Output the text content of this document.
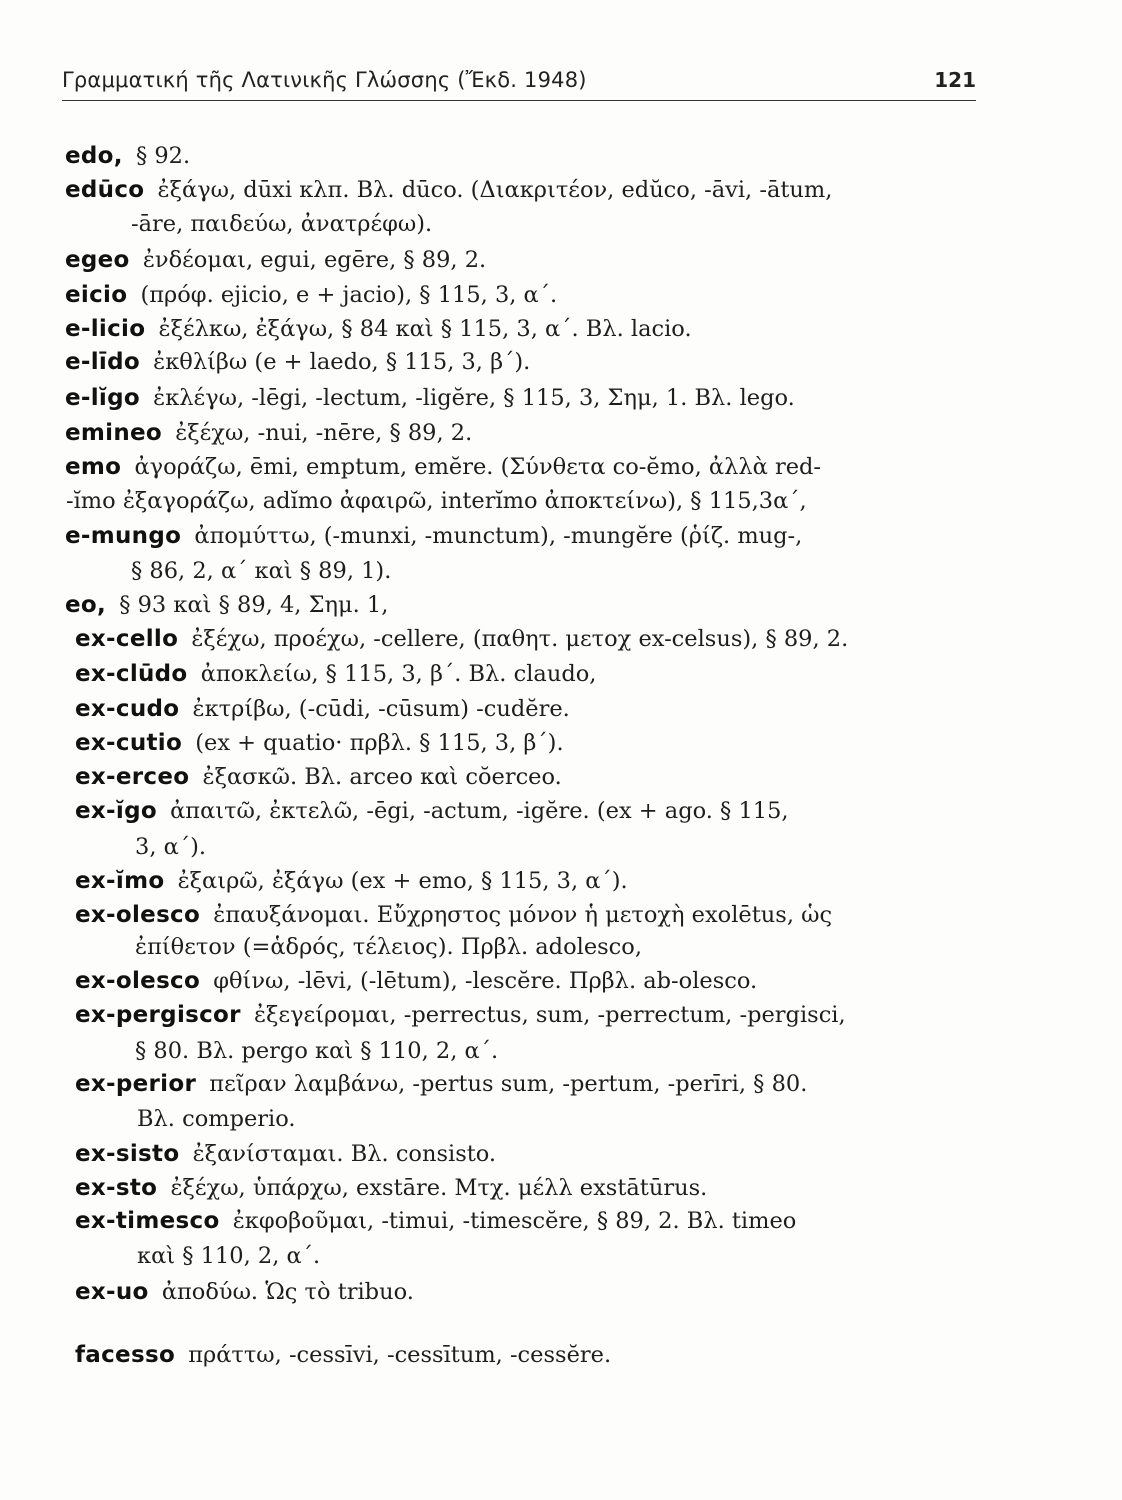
Γραμματική τῆς Λατινικῆς Γλώσσης (Ἔκδ. 1948)	121
edo, § 92.
edūco ἐξάγω, dūxi κλπ. Βλ. dūco. (Διακριτέον, edŭco, -āvi, -ātum,
-āre, παιδεύω, ἀνατρέφω).
egeo ἐνδέομαι, egui, egēre, § 89, 2.
eicio (πρόφ. ejicio, e + jacio), § 115, 3, α΄.
e-licio ἐξέλκω, ἐξάγω, § 84 καὶ § 115, 3, α΄. Βλ. lacio.
e-līdo ἐκθλίβω (e + laedo, § 115, 3, β΄).
e-lĭgo ἐκλέγω, -lēgi, -lectum, -ligĕre, § 115, 3, Σημ, 1. Βλ. lego.
emineo ἐξέχω, -nui, -nēre, § 89, 2.
emo ἀγοράζω, ēmi, emptum, emĕre. (Σύνθετα co-ĕmo, ἀλλὰ red-
-ĭmo ἐξαγοράζω, adĭmo ἀφαιρῶ, interĭmo ἀποκτείνω), § 115,3α΄,
e-mungo ἀπομύττω, (-munxi, -munctum), -mungĕre (ῥίζ. mug-,
§ 86, 2, α΄ καὶ § 89, 1).
eo, § 93 καὶ § 89, 4, Σημ. 1,
ex-cello ἐξέχω, προέχω, -cellere, (παθητ. μετοχ ex-celsus), § 89, 2.
ex-clūdo ἀποκλείω, § 115, 3, β΄. Βλ. claudo,
ex-cudo ἐκτρίβω, (-cūdi, -cūsum) -cudĕre.
ex-cutio (ex + quatio· πρβλ. § 115, 3, β΄).
ex-erceo ἐξασκῶ. Βλ. arceo καὶ cŏerceo.
ex-ĭgo ἀπαιτῶ, ἐκτελῶ, -ēgi, -actum, -igĕre. (ex + ago. § 115,
3, α΄).
ex-ĭmo ἐξαιρῶ, ἐξάγω (ex + emo, § 115, 3, α΄).
ex-olesco ἐπαυξάνομαι. Εὔχρηστος μόνον ἡ μετοχὴ exolētus, ὡς
ἐπίθετον (=ἁδρός, τέλειος). Πρβλ. adolesco,
ex-olesco φθίνω, -lēvi, (-lētum), -lescĕre. Πρβλ. ab-olesco.
ex-pergiscor ἐξεγείρομαι, -perrectus, sum, -perrectum, -pergisci,
§ 80. Βλ. pergo καὶ § 110, 2, α΄.
ex-perior πεῖραν λαμβάνω, -pertus sum, -pertum, -perīri, § 80.
Βλ. comperio.
ex-sisto ἐξανίσταμαι. Βλ. consisto.
ex-sto ἐξέχω, ὑπάρχω, exstāre. Μτχ. μέλλ exstātūrus.
ex-timesco ἐκφοβοῦμαι, -timui, -timescĕre, § 89, 2. Βλ. timeo
καὶ § 110, 2, α΄.
ex-uo ἀποδύω. Ὡς τὸ tribuo.
facesso πράττω, -cessīvi, -cessītum, -cessĕre.
